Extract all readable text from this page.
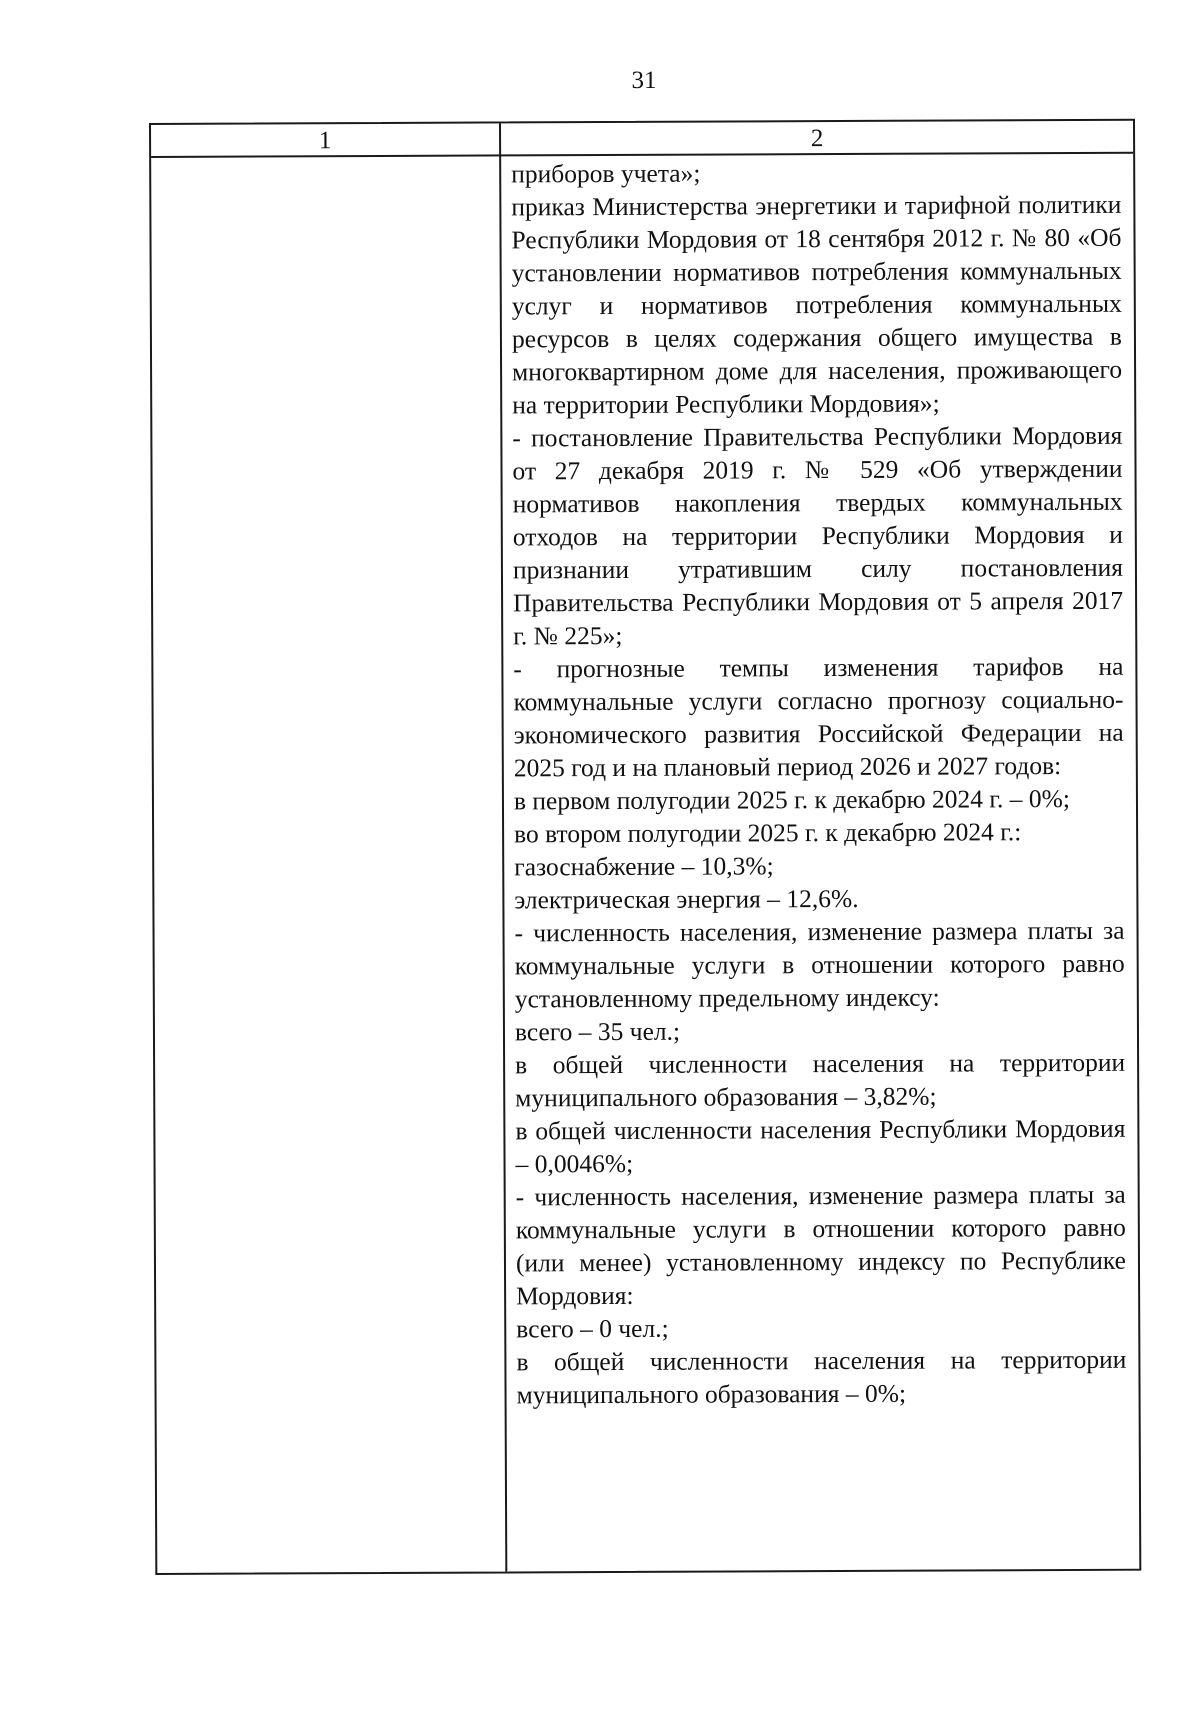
31
1	2

приборов учета»;

приказ Министерства энергетики и тарифной политики Республики Мордовия от 18 сентября 2012 г. № 80 «Об установлении нормативов потребления коммунальных услуг и нормативов потребления коммунальных ресурсов в целях содержания общего имущества в многоквартирном доме для населения, проживающего на территории Республики Мордовия»;

- постановление Правительства Республики Мордовия от 27 декабря 2019 г. № 529 «Об утверждении нормативов накопления твердых коммунальных отходов на территории Республики Мордовия и признании утратившим силу постановления Правительства Республики Мордовия от 5 апреля 2017 г. № 225»;

- прогнозные темпы изменения тарифов на коммунальные услуги согласно прогнозу социально-экономического развития Российской Федерации на 2025 год и на плановый период 2026 и 2027 годов:

в первом полугодии 2025 г. к декабрю 2024 г. – 0%;

во втором полугодии 2025 г. к декабрю 2024 г.:

газоснабжение – 10,3%;

электрическая энергия – 12,6%.

- численность населения, изменение размера платы за коммунальные услуги в отношении которого равно установленному предельному индексу:

всего – 35 чел.;

в общей численности населения на территории муниципального образования – 3,82%;

в общей численности населения Республики Мордовия – 0,0046%;

- численность населения, изменение размера платы за коммунальные услуги в отношении которого равно (или менее) установленному индексу по Республике Мордовия:

всего – 0 чел.;

в общей численности населения на территории муниципального образования – 0%;
